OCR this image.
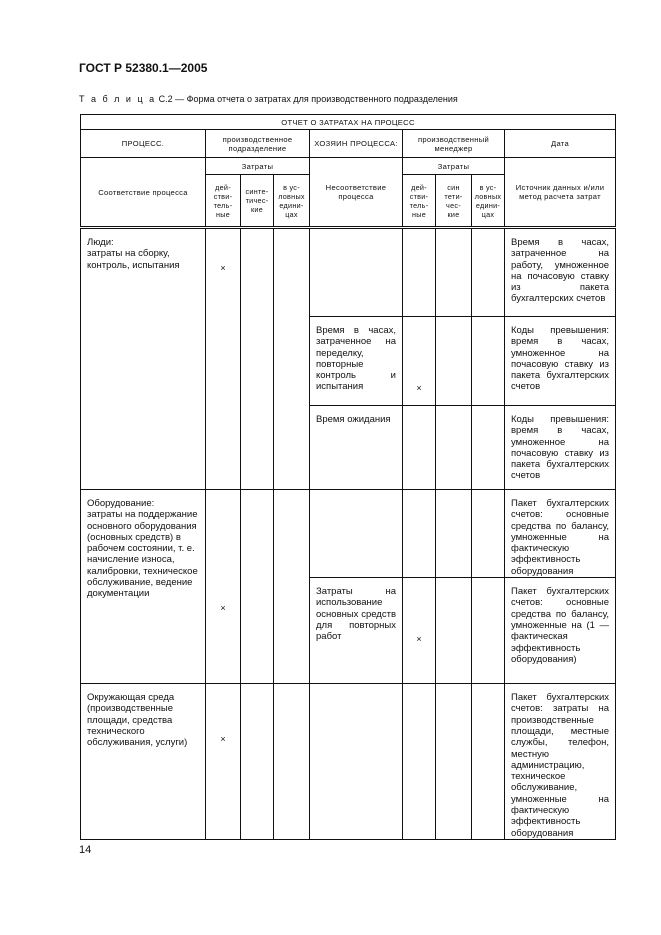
ГОСТ Р 52380.1—2005
Т а б л и ц а С.2 — Форма отчета о затратах для производственного подразделения
ОТЧЕТ О ЗАТРАТАХ НА ПРОЦЕСС								
ПРОЦЕСС.	производственное подразделение			ХОЗЯИН ПРОЦЕССА:	производственный менеджер			Дата
Соответствие процесса	Затраты			Несоответствие процесса	Затраты			Источник данных и/или метод расчета затрат
	дей-
стви-
тель-
ные	синте-
тичес-
кие	в ус-
ловных
едини-
цах		дей-
стви-
тель-
ные	син
тети-
чес-
кие	в ус-
ловных
едини-
цах	
Люди:
затраты на сборку, контроль, испытания	×							Время в часах, затраченное на работу, умноженное на почасовую ставку из пакета бухгалтерских счетов
				Время в часах, затраченное на переделку, повторные контроль и испытания	×			Коды превышения: время в часах, умноженное на почасовую ставку из пакета бухгалтерских счетов
				Время ожидания				Коды превышения: время в часах, умноженное на почасовую ставку из пакета бухгалтерских счетов
Оборудование:
затраты на поддержание основного оборудования (основных средств) в рабочем состоянии, т. е. начисление износа, калибровки, техническое обслуживание, ведение документации	×							Пакет бухгалтерских счетов: основные средства по балансу, умноженные на фактическую эффективность оборудования
				Затраты на использование основных средств для повторных работ	×			Пакет бухгалтерских счетов: основные средства по балансу, умноженные на (1 — фактическая эффективность оборудования)
Окружающая среда (производственные площади, средства технического обслуживания, услуги)	×							Пакет бухгалтерских счетов: затраты на производственные площади, местные службы, телефон, местную администрацию, техническое обслуживание, умноженные на фактическую эффективность оборудования
14
